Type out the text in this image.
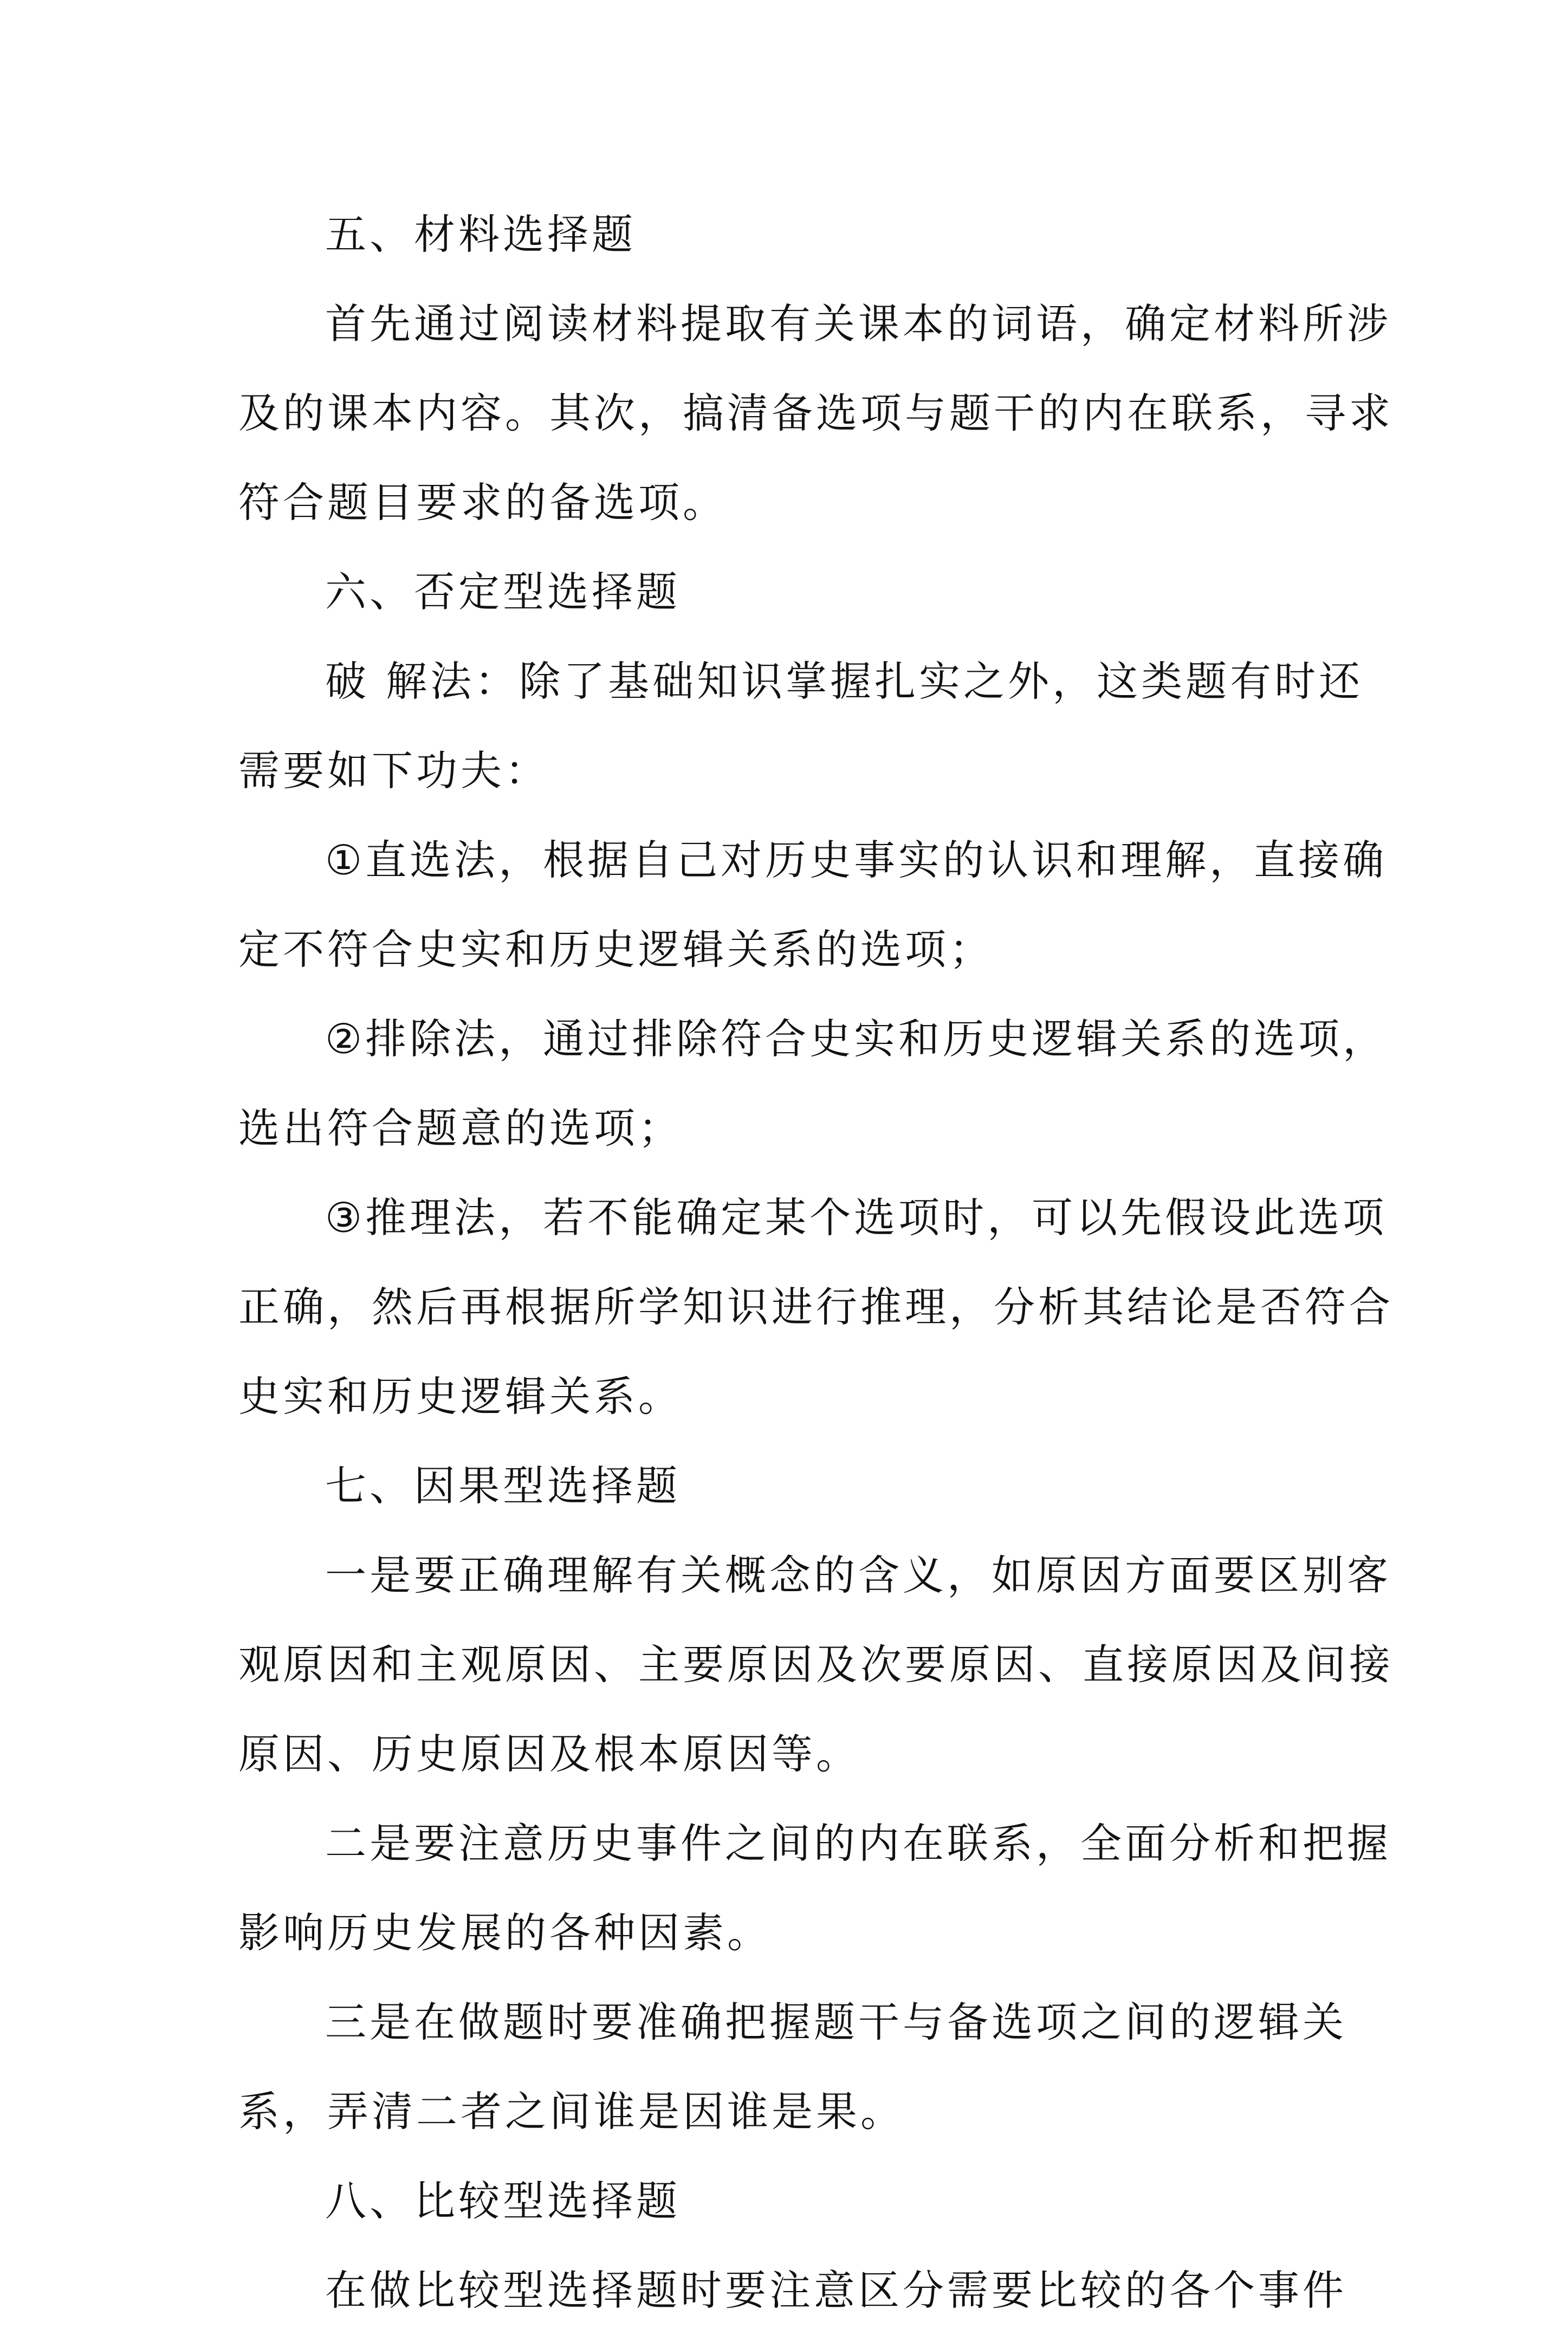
五、材料选择题
首先通过阅读材料提取有关课本的词语，确定材料所涉
及的课本内容。其次，搞清备选项与题干的内在联系，寻求
符合题目要求的备选项。
六、否定型选择题
破 解法：除了基础知识掌握扎实之外，这类题有时还
需要如下功夫：
①直选法，根据自己对历史事实的认识和理解，直接确
定不符合史实和历史逻辑关系的选项；
②排除法，通过排除符合史实和历史逻辑关系的选项，
选出符合题意的选项；
③推理法，若不能确定某个选项时，可以先假设此选项
正确，然后再根据所学知识进行推理，分析其结论是否符合
史实和历史逻辑关系。
七、因果型选择题
一是要正确理解有关概念的含义，如原因方面要区别客
观原因和主观原因、主要原因及次要原因、直接原因及间接
原因、历史原因及根本原因等。
二是要注意历史事件之间的内在联系，全面分析和把握
影响历史发展的各种因素。
三是在做题时要准确把握题干与备选项之间的逻辑关
系，弄清二者之间谁是因谁是果。
八、比较型选择题
在做比较型选择题时要注意区分需要比较的各个事件
